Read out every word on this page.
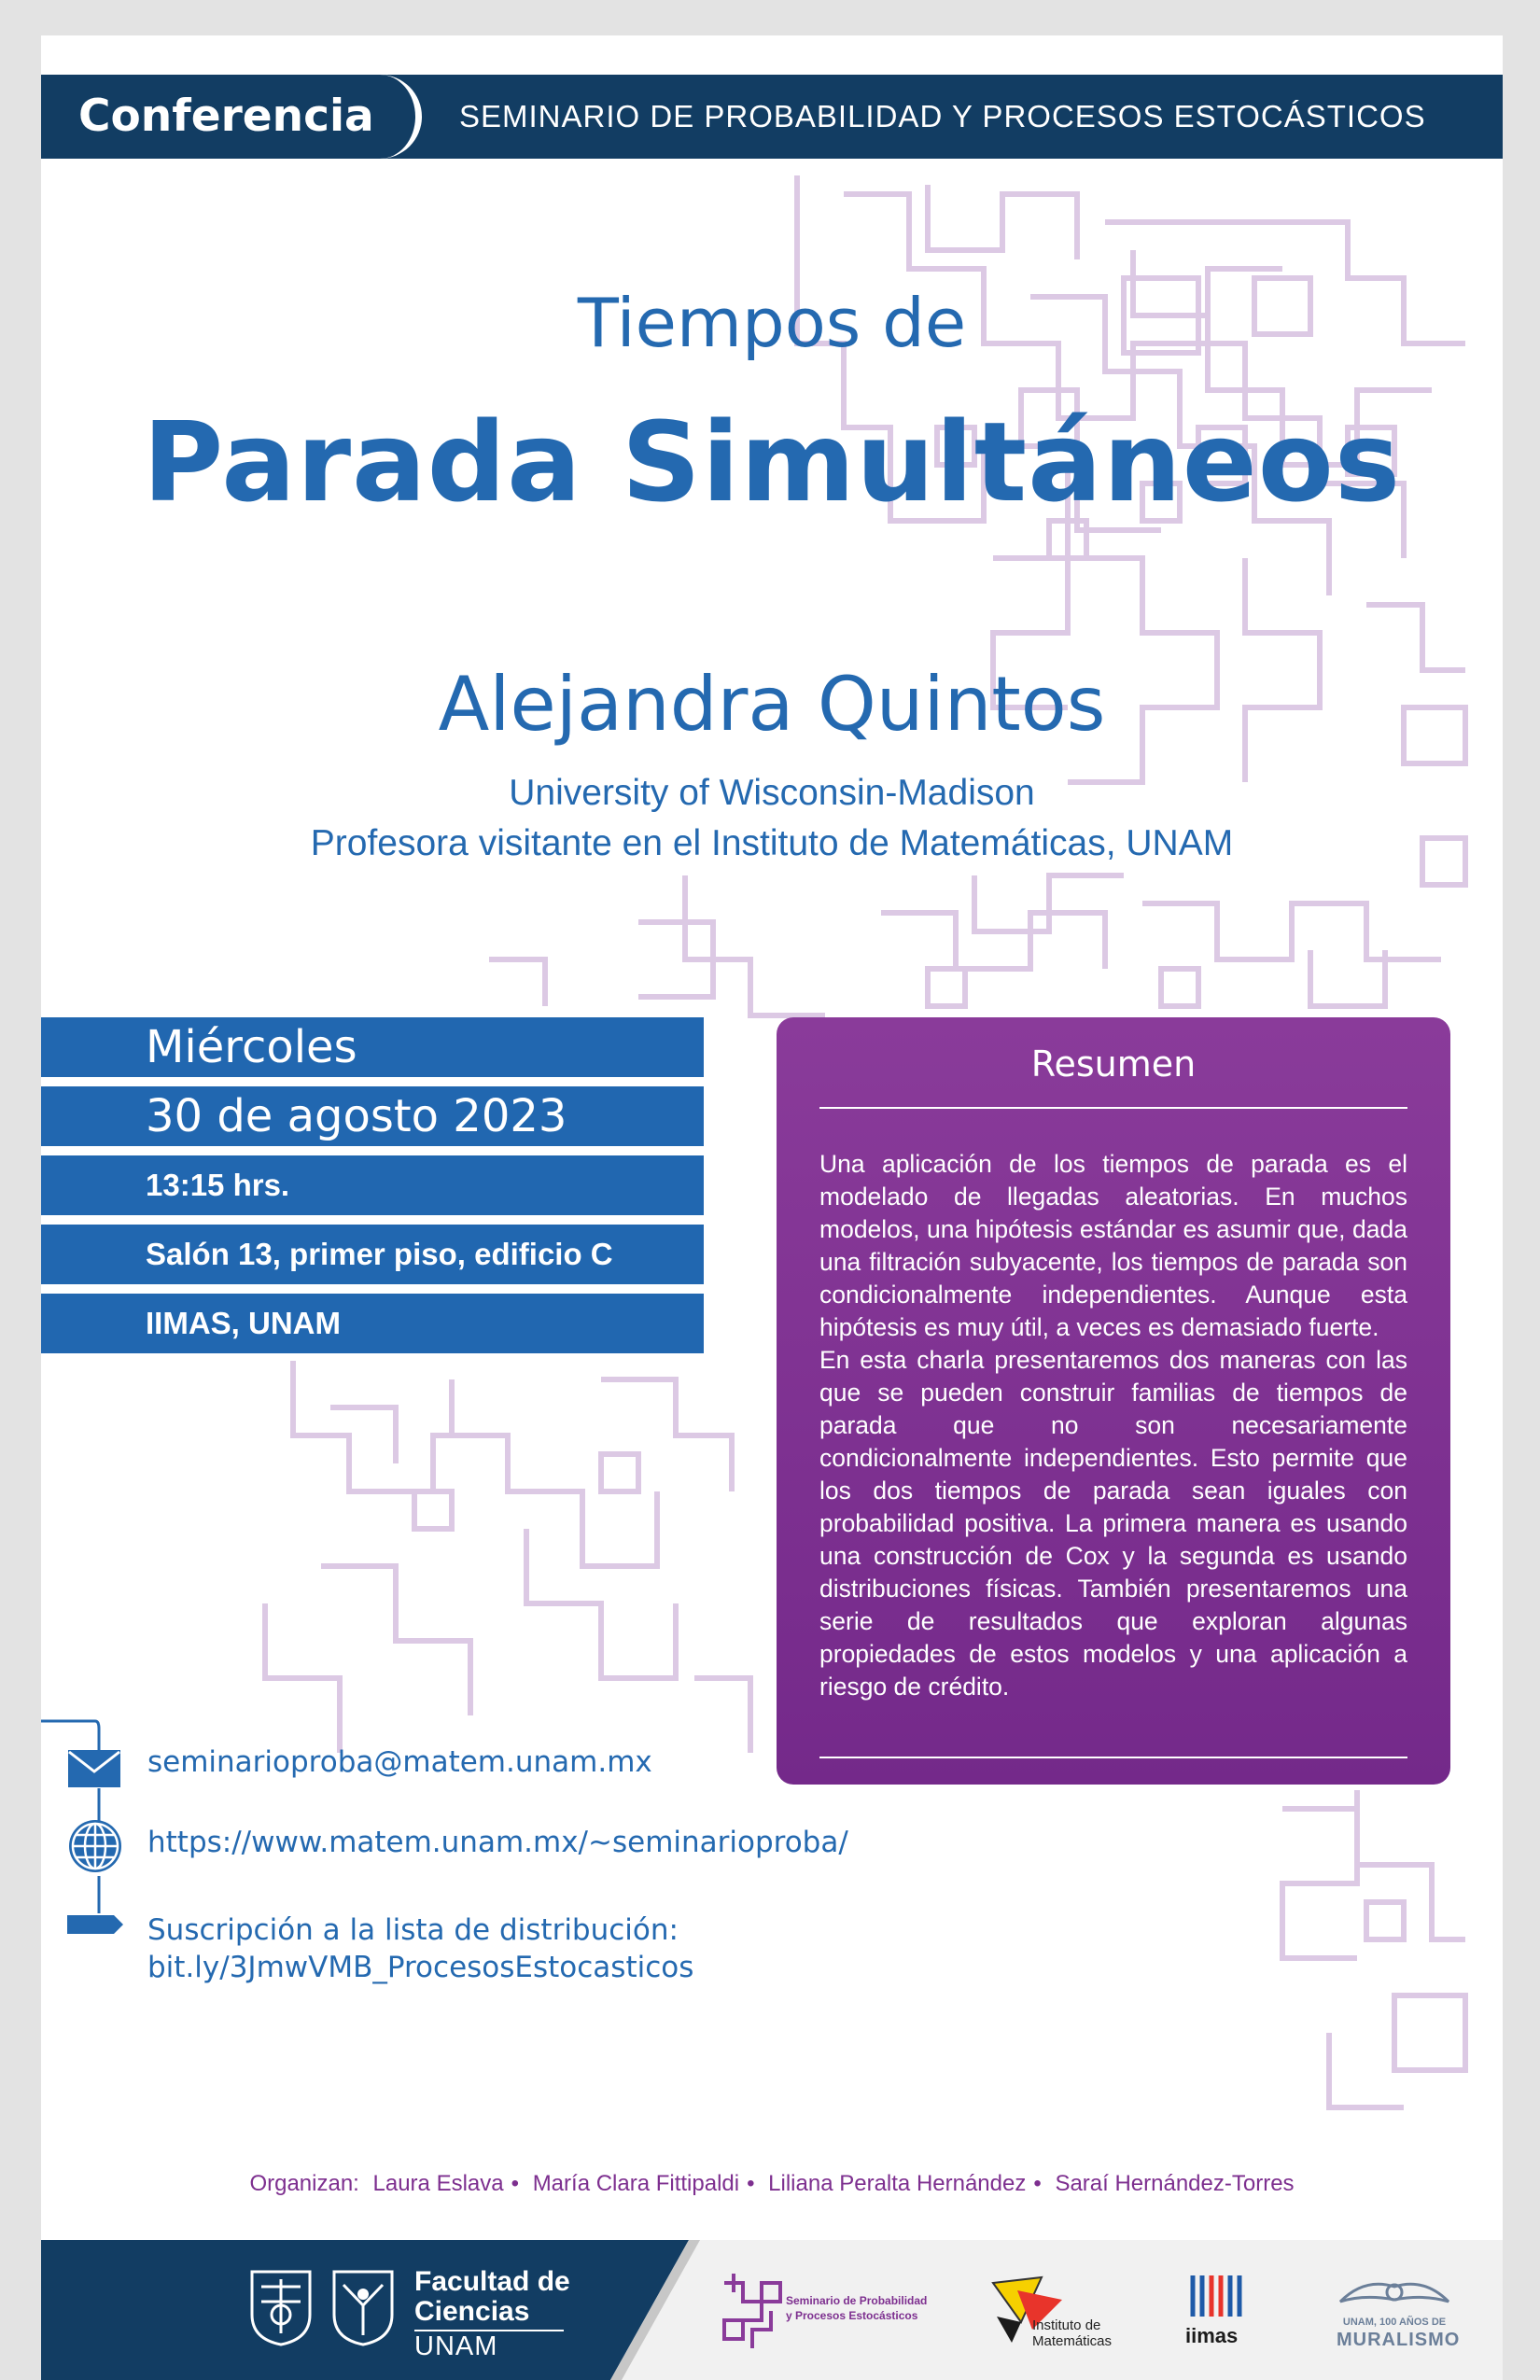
Conferencia	SEMINARIO DE PROBABILIDAD Y PROCESOS ESTOCÁSTICOS
Tiempos de
Parada Simultáneos
Alejandra Quintos
University of Wisconsin-Madison
Profesora visitante en el Instituto de Matemáticas, UNAM
Miércoles
30 de agosto 2023
13:15 hrs.
Salón 13, primer piso, edificio C
IIMAS, UNAM
Resumen

Una aplicación de los tiempos de parada es el modelado de llegadas aleatorias. En muchos modelos, una hipótesis estándar es asumir que, dada una filtración subyacente, los tiempos de parada son condicionalmente independientes. Aunque esta hipótesis es muy útil, a veces es demasiado fuerte.

En esta charla presentaremos dos maneras con las que se pueden construir familias de tiempos de parada que no son necesariamente condicionalmente independientes. Esto permite que los dos tiempos de parada sean iguales con probabilidad positiva. La primera manera es usando una construcción de Cox y la segunda es usando distribuciones físicas. También presentaremos una serie de resultados que exploran algunas propiedades de estos modelos y una aplicación a riesgo de crédito.

seminarioproba@matem.unam.mx
https://www.matem.unam.mx/~seminarioproba/
Suscripción a la lista de distribución:
bit.ly/3JmwVMB_ProcesosEstocasticos
Organizan: Laura Eslava • María Clara Fittipaldi • Liliana Peralta Hernández • Saraí Hernández-Torres
Facultad de
Ciencias
UNAM
Seminario de Probabilidad
y Procesos Estocásticos
Instituto de
Matemáticas	iimas
UNAM, 100 AÑOS DE
MURALISMO
